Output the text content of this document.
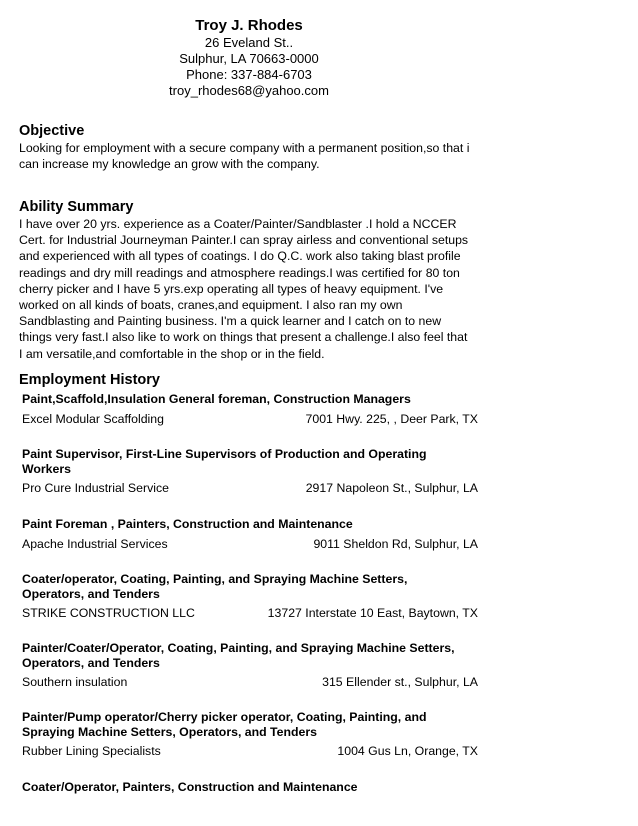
Troy J. Rhodes
26 Eveland St..
Sulphur, LA 70663-0000
Phone: 337-884-6703
troy_rhodes68@yahoo.com
Objective
Looking for employment with a secure company with a permanent position,so that i
can increase my knowledge an grow with the company.
Ability Summary
I have over 20 yrs. experience as a Coater/Painter/Sandblaster .I hold a NCCER
Cert. for Industrial Journeyman Painter.I can spray airless and conventional setups
and experienced with all types of coatings. I do Q.C. work also taking blast profile
readings and dry mill readings and atmosphere readings.I was certified for 80 ton
cherry picker and I have 5 yrs.exp operating all types of heavy equipment. I've
worked on all kinds of boats, cranes,and equipment. I also ran my own
Sandblasting and Painting business. I'm a quick learner and I catch on to new
things very fast.I also like to work on things that present a challenge.I also feel that
I am versatile,and comfortable in the shop or in the field.
Employment History
Paint,Scaffold,Insulation General foreman, Construction Managers
Excel Modular Scaffolding	7001 Hwy. 225, , Deer Park, TX
Paint Supervisor, First-Line Supervisors of Production and Operating
Workers
Pro Cure Industrial Service	2917 Napoleon St., Sulphur, LA
Paint Foreman , Painters, Construction and Maintenance
Apache Industrial Services	9011 Sheldon Rd, Sulphur, LA
Coater/operator, Coating, Painting, and Spraying Machine Setters,
Operators, and Tenders
STRIKE CONSTRUCTION LLC	13727 Interstate 10 East, Baytown, TX
Painter/Coater/Operator, Coating, Painting, and Spraying Machine Setters,
Operators, and Tenders
Southern insulation	315 Ellender st., Sulphur, LA
Painter/Pump operator/Cherry picker operator, Coating, Painting, and
Spraying Machine Setters, Operators, and Tenders
Rubber Lining Specialists	1004 Gus Ln, Orange, TX
Coater/Operator, Painters, Construction and Maintenance
